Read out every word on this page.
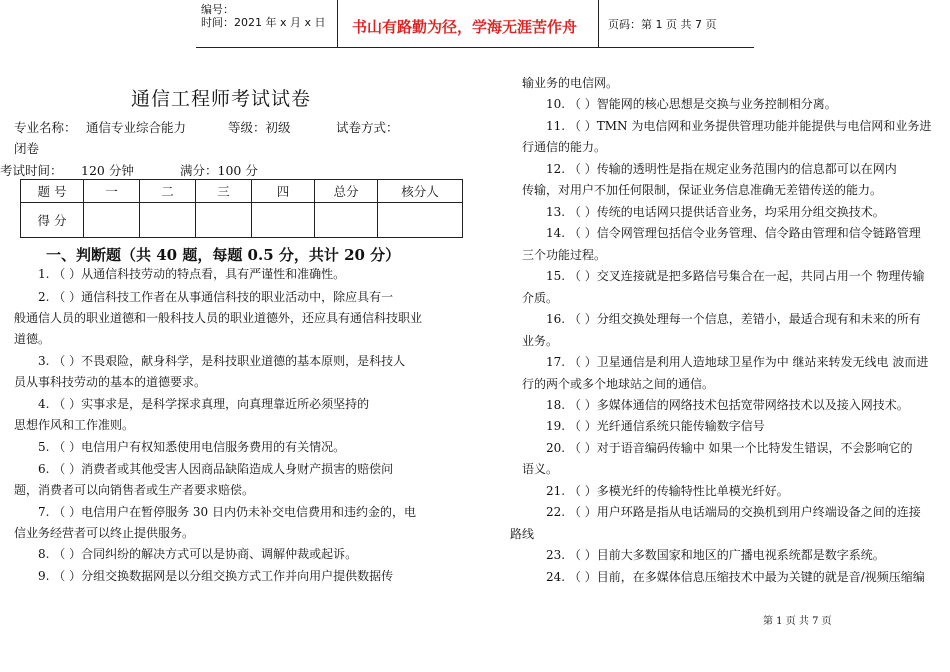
编号：
时间：2021 年 x 月 x 日 书山有路勤为径，学海无涯苦作舟	页码：第 1 页 共 7 页
通信工程师考试试卷
专业名称： 通信专业综合能力	等级：初级	试卷方式：
闭卷
考试时间： 120 分钟	满分：100 分
题 号	一	二	三	四	总分	核分人
得 分						
一、判断题（共 40 题，每题 0.5 分，共计 20 分）
1. （ ）从通信科技劳动的特点看，具有严谨性和准确性。
2. （ ）通信科技工作者在从事通信科技的职业活动中，除应具有一
般通信人员的职业道德和一般科技人员的职业道德外，还应具有通信科技职业
道德。
3. （ ）不畏艰险，献身科学，是科技职业道德的基本原则，是科技人
员从事科技劳动的基本的道德要求。
4. （ ）实事求是，是科学探求真理，向真理靠近所必须坚持的
思想作风和工作准则。
5. （ ）电信用户有权知悉使用电信服务费用的有关情况。
6. （ ）消费者或其他受害人因商品缺陷造成人身财产损害的赔偿问
题，消费者可以向销售者或生产者要求赔偿。
7. （ ）电信用户在暂停服务 30 日内仍未补交电信费用和违约金的，电
信业务经营者可以终止提供服务。
8. （ ）合同纠纷的解决方式可以是协商、调解仲裁或起诉。
9. （ ）分组交换数据网是以分组交换方式工作并向用户提供数据传
输业务的电信网。
10. （ ）智能网的核心思想是交换与业务控制相分离。
11. （ ）TMN 为电信网和业务提供管理功能并能提供与电信网和业务进
行通信的能力。
12. （ ）传输的透明性是指在规定业务范围内的信息都可以在网内
传输，对用户不加任何限制，保证业务信息准确无差错传送的能力。
13. （ ）传统的电话网只提供话音业务，均采用分组交换技术。
14. （ ）信令网管理包括信令业务管理、信令路由管理和信令链路管理
三个功能过程。
15. （ ）交叉连接就是把多路信号集合在一起，共同占用一个 物理传输
介质。
16. （ ）分组交换处理每一个信息，差错小，最适合现有和未来的所有
业务。
17. （ ）卫星通信是利用人造地球卫星作为中 继站来转发无线电 波而进
行的两个或多个地球站之间的通信。
18. （ ）多媒体通信的网络技术包括宽带网络技术以及接入网技术。
19. （ ）光纤通信系统只能传输数字信号
20. （ ）对于语音编码传输中 如果一个比特发生错误，不会影响它的
语义。
21. （ ）多模光纤的传输特性比单模光纤好。
22. （ ）用户环路是指从电话端局的交换机到用户终端设备之间的连接
路线
23. （ ）目前大多数国家和地区的广播电视系统都是数字系统。
24. （ ）目前，在多媒体信息压缩技术中最为关键的就是音/视频压缩编
第 1 页 共 7 页
